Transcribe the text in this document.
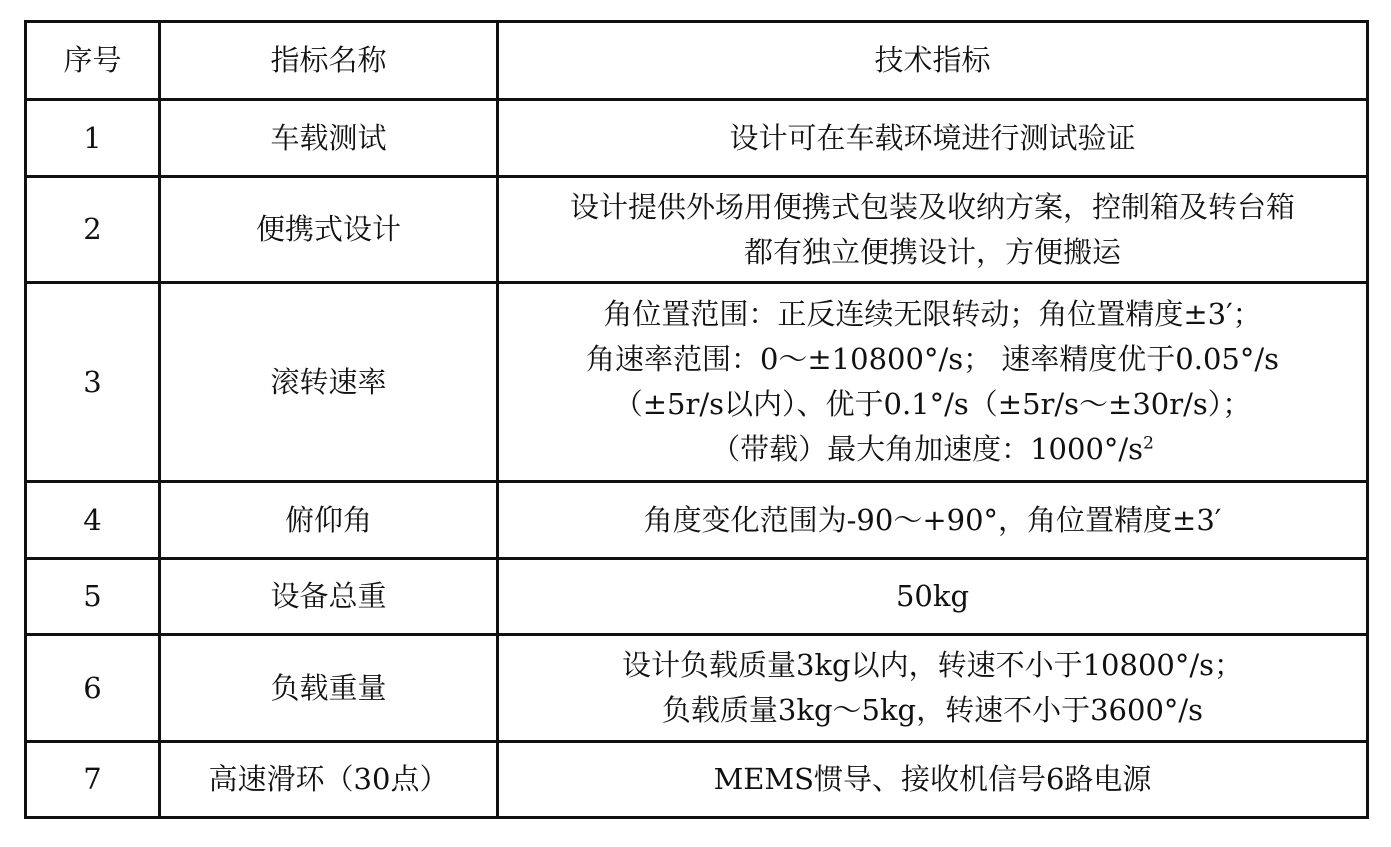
序号	指标名称	技术指标
1	车载测试	设计可在车载环境进行测试验证

2	便携式设计	设计提供外场用便携式包装及收纳方案，控制箱及转台箱
都有独立便携设计，方便搬运

3	滚转速率	角位置范围：正反连续无限转动；角位置精度±3′；
角速率范围：0～±10800°/s； 速率精度优于0.05°/s
（±5r/s以内）、优于0.1°/s（±5r/s～±30r/s）；
（带载）最大角加速度：$1000^\circ/s^2$

4	俯仰角	角度变化范围为-90～+90°，角位置精度±3′

5	设备总重	50kg

6	负载重量	设计负载质量3kg以内，转速不小于10800°/s；
负载质量3kg～5kg，转速不小于3600°/s

7	高速滑环（30点）	MEMS惯导、接收机信号6路电源
